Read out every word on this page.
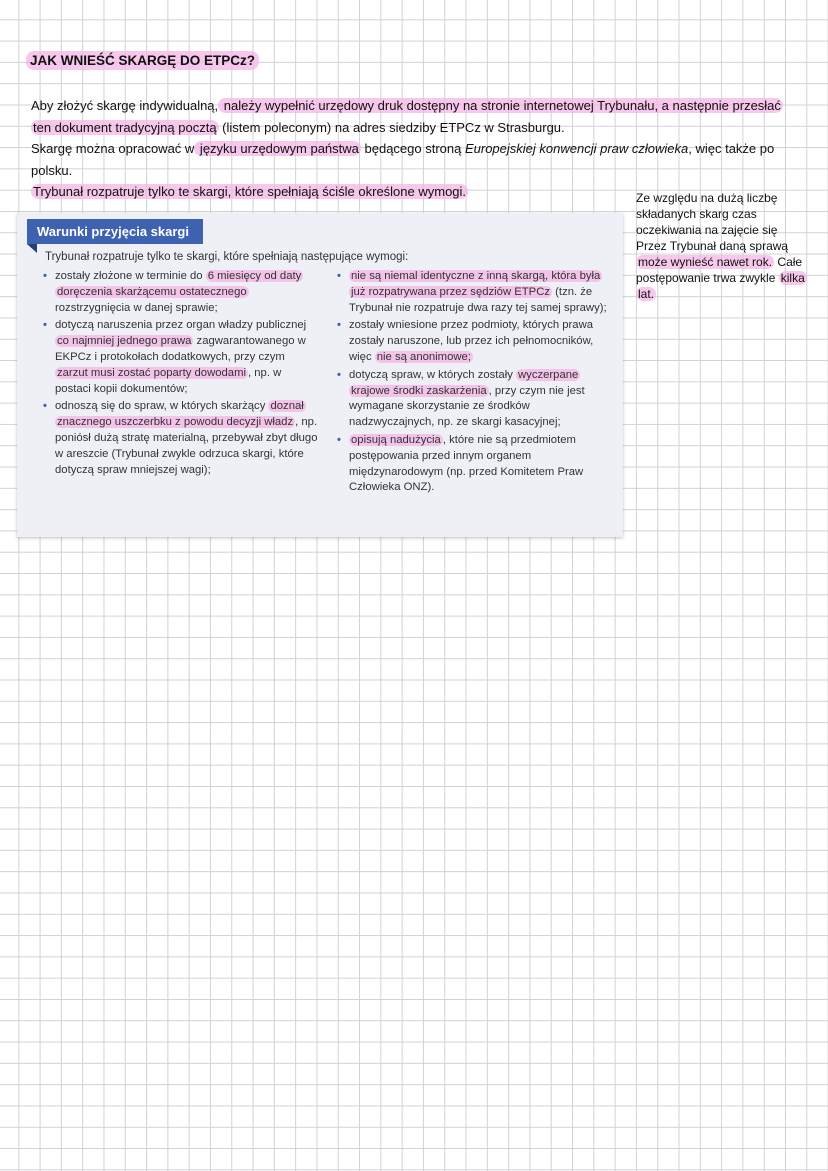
JAK WNIEŚĆ SKARGĘ DO ETPCz?

Aby złożyć skargę indywidualną, należy wypełnić urzędowy druk dostępny na stronie internetowej Trybunału, a następnie przesłać ten dokument tradycyjną pocztą (listem poleconym) na adres siedziby ETPCz w Strasburgu.

Skargę można opracować w języku urzędowym państwa będącego stroną Europejskiej konwencji praw człowieka, więc także po polsku.

Trybunał rozpatruje tylko te skargi, które spełniają ściśle określone wymogi.	Ze względu na dużą liczbę składanych skarg czas oczekiwania na zajęcie się Przez Trybunał daną sprawą może wynieść nawet rok. Całe postępowanie trwa zwykle kilka lat.

Warunki przyjęcia skargi

Trybunał rozpatruje tylko te skargi, które spełniają następujące wymogi:

• zostały złożone w terminie do 6 miesięcy od daty doręczenia skarżącemu ostatecznego rozstrzygnięcia w danej sprawie;
• dotyczą naruszenia przez organ władzy publicznej co najmniej jednego prawa zagwarantowanego w EKPCz i protokołach dodatkowych, przy czym zarzut musi zostać poparty dowodami , np. w postaci kopii dokumentów;
• odnoszą się do spraw, w których skarżący doznał znacznego uszczerbku z powodu decyzji władz , np. poniósł dużą stratę materialną, przebywał zbyt długo w areszcie (Trybunał zwykle odrzuca skargi, które dotyczą spraw mniejszej wagi);
• nie są niemal identyczne z inną skargą, która była już rozpatrywana przez sędziów ETPCz (tzn. że Trybunał nie rozpatruje dwa razy tej samej sprawy);
• zostały wniesione przez podmioty, których prawa zostały naruszone, lub przez ich pełnomocników, więc nie są anonimowe;
• dotyczą spraw, w których zostały wyczerpane krajowe środki zaskarżenia , przy czym nie jest wymagane skorzystanie ze środków nadzwyczajnych, np. ze skargi kasacyjnej;
• opisują nadużycia , które nie są przedmiotem postępowania przed innym organem międzynarodowym (np. przed Komitetem Praw Człowieka ONZ).
